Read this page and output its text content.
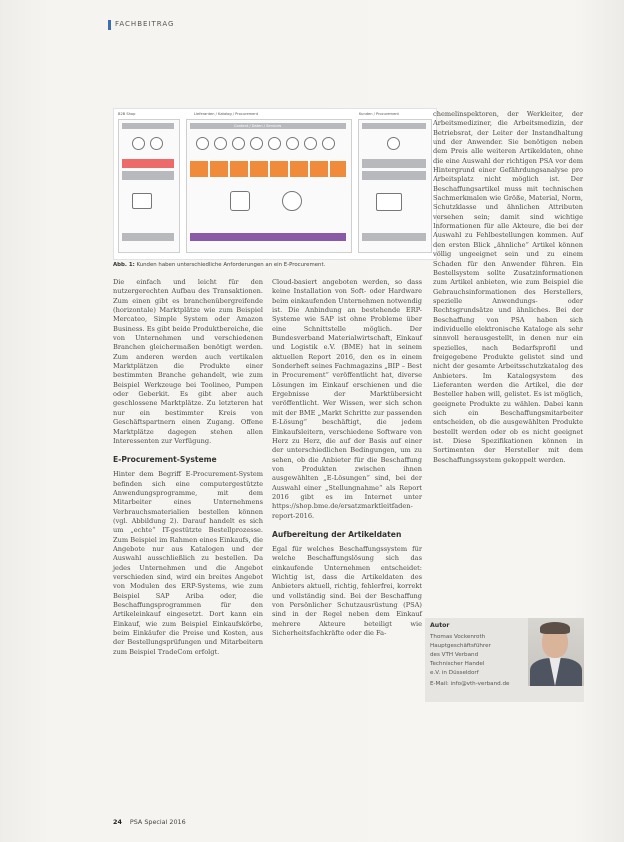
FACHBEITRAG
B2B Shop	Lieferanten / Katalog / Procurement	Kunden / Procurement
Content / Daten / Services
Abb. 1: Kunden haben unterschiedliche Anforderungen an ein E-Procurement.

Die einfach und leicht für den nutzergerechten Aufbau des Transaktionen. Zum einen gibt es branchenübergreifende (horizontale) Marktplätze wie zum Beispiel Mercateo, Simple System oder Amazon Business. Es gibt beide Produktbereiche, die von Unternehmen und verschiedenen Branchen gleichermaßen benötigt werden. Zum anderen werden auch vertikalen Marktplätzen die Produkte einer bestimmten Branche gehandelt, wie zum Beispiel Werkzeuge bei Toolineo, Pumpen oder Geberkit. Es gibt aber auch geschlossene Marktplätze. Zu letzteren hat nur ein bestimmter Kreis von Geschäftspartnern einen Zugang. Offene Marktplätze dagegen stehen allen Interessenten zur Verfügung.

E-Procurement-Systeme

Hinter dem Begriff E-Procurement-System befinden sich eine computergestützte Anwendungsprogramme, mit dem Mitarbeiter eines Unternehmens Verbrauchsmaterialien bestellen können (vgl. Abbildung 2). Darauf handelt es sich um „echte“ IT-gestützte Bestellprozesse. Zum Beispiel im Rahmen eines Einkaufs, die Angebote nur aus Katalogen und der Auswahl ausschließlich zu bestellen. Da jedes Unternehmen und die Angebot verschieden sind, wird ein breites Angebot von Modulen des ERP-Systems, wie zum Beispiel SAP Ariba oder, die Beschaffungsprogrammen für den Artikeleinkauf eingesetzt. Dort kann ein Einkauf, wie zum Beispiel Einkaufskörbe, beim Einkäufer die Preise und Kosten, aus der Bestellungsprüfungen und Mitarbeitern zum Beispiel TradeCom erfolgt.

Cloud-basiert angeboten werden, so dass keine Installation von Soft- oder Hardware beim einkaufenden Unternehmen notwendig ist. Die Anbindung an bestehende ERP-Systeme wie SAP ist ohne Probleme über eine Schnittstelle möglich. Der Bundesverband Materialwirtschaft, Einkauf und Logistik e.V. (BME) hat in seinem aktuellen Report 2016, den es in einem Sonderheft seines Fachmagazins „BIP – Best in Procurement“ veröffentlicht hat, diverse Lösungen im Einkauf erschienen und die Ergebnisse der Marktübersicht veröffentlicht. Wer Wissen, wer sich schon mit der BME „Markt Schritte zur passenden E-Lösung“ beschäftigt, die jedem Einkaufsleitern, verschiedene Software von Herz zu Herz, die auf der Basis auf einer der unterschiedlichen Bedingungen, um zu sehen, ob die Anbieter für die Beschaffung von Produkten zwischen ihnen ausgewählten „E-Lösungen“ sind, bei der Auswahl einer „Stellungnahme“ als Report 2016 gibt es im Internet unter https://shop.bme.de/ersatzmarktleitfaden-report-2016.

Aufbereitung der Artikeldaten

Egal für welches Beschaffungssystem für welche Beschaffungslösung sich das einkaufende Unternehmen entscheidet: Wichtig ist, dass die Artikeldaten des Anbieters aktuell, richtig, fehlerfrei, korrekt und vollständig sind. Bei der Beschaffung von Persönlicher Schutzausrüstung (PSA) sind in der Regel neben dem Einkauf mehrere Akteure beteiligt wie Sicherheitsfachkräfte oder die Fa-

chemelinspektoren, der Werkleiter, der Arbeitsmediziner, die Arbeitsmedizin, der Betriebsrat, der Leiter der Instandhaltung und der Anwender. Sie benötigen neben dem Preis alle weiteren Artikeldaten, ohne die eine Auswahl der richtigen PSA vor dem Hintergrund einer Gefährdungsanalyse pro Arbeitsplatz nicht möglich ist. Der Beschaffungsartikel muss mit technischen Sachmerkmalen wie Größe, Material, Norm, Schutzklasse und ähnlichen Attributen versehen sein; damit sind wichtige Informationen für alle Akteure, die bei der Auswahl zu Fehlbestellungen kommen. Auf den ersten Blick „ähnliche“ Artikel können völlig ungeeignet sein und zu einem Schaden für den Anwender führen. Ein Bestellsystem sollte Zusatzinformationen zum Artikel anbieten, wie zum Beispiel die Gebrauchsinformationen des Herstellers, spezielle Anwendungs- oder Rechtsgrundsätze und ähnliches. Bei der Beschaffung von PSA haben sich individuelle elektronische Kataloge als sehr sinnvoll herausgestellt, in denen nur ein spezielles, nach Bedarfsprofil und freigegebene Produkte gelistet sind und nicht der gesamte Arbeitsschutzkatalog des Anbieters. Im Katalogsystem des Lieferanten werden die Artikel, die der Besteller haben will, gelistet. Es ist möglich, geeignete Produkte zu wählen. Dabei kann sich ein Beschaffungsmitarbeiter entscheiden, ob die ausgewählten Produkte bestellt werden oder ob es nicht geeignet ist. Diese Spezifikationen können in Sortimenten der Hersteller mit dem Beschaffungssystem gekoppelt werden.

Autor
Thomas Vockenroth
Hauptgeschäftsführer
des VTH Verband
Technischer Handel
e.V. in Düsseldorf
E-Mail: info@vth-verband.de
24 PSA Special 2016
